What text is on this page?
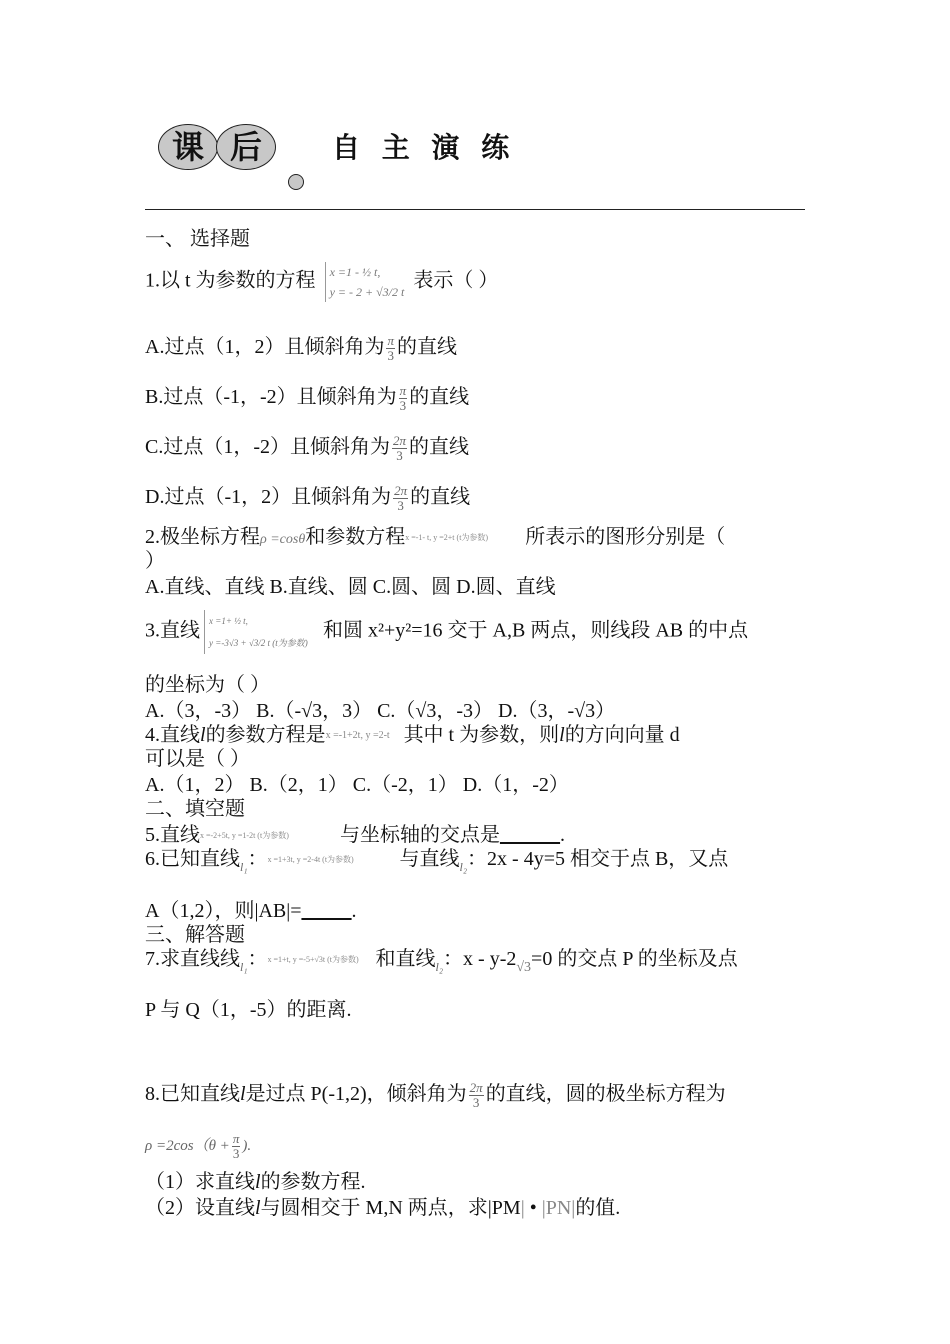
课 后	自 主 演 练
一、 选择题
1.以 t 为参数的方程 x =1 - ½ t,
y = - 2 + √3/2 t
表示（ ）
A.过点（1，2）且倾斜角为 $\frac{\pi}{3}$ 的直线
B.过点（-1，-2）且倾斜角为 $\frac{\pi}{3}$ 的直线
C.过点（1，-2）且倾斜角为 $\frac{2\pi}{3}$ 的直线
D.过点（-1，2）且倾斜角为 $\frac{2\pi}{3}$ 的直线
2.极坐标方程ρ =cosθ和参数方程x =-1- t, y =2+t (t为参数) 所表示的图形分别是（
）
A.直线、直线 B.直线、圆 C.圆、圆 D.圆、直线
3.直线 x =1+ ½ t,
y =-3√3 + √3/2 t (t为参数)
和圆 x²+y²=16 交于 A,B 两点，则线段 AB 的中点
的坐标为（ ）
A.（3，-3） B.（-√3，3） C.（√3，-3） D.（3，-√3）
4.直线l的参数方程是x =-1+2t, y =2-t 其中 t 为参数，则l的方向向量 d
可以是（ ）
A.（1，2） B.（2，1） C.（-2，1） D.（1，-2）
二、填空题
5.直线x =-2+5t, y =1-2t (t为参数)	与坐标轴的交点是______.
6.已知直线$_{l_1}$：x =1+3t, y =2-4t (t为参数) 与直线$_{l_2}$：2x - 4y=5 相交于点 B，又点
A（1,2），则|AB|=_____.
三、解答题
7.求直线线$_{l_1}$：x =1+t, y =-5+√3t (t为参数) 和直线$_{l_2}$：$x - y-2_{√3}=0$ 的交点 P 的坐标及点
P 与 Q（1，-5）的距离.
8.已知直线l是过点 P(-1,2)，倾斜角为 $\frac{2\pi}{3}$ 的直线，圆的极坐标方程为
$\rho =2\cos(\theta + \frac{\pi}{3}$ ).
（1）求直线l的参数方程.
（2）设直线l与圆相交于 M,N 两点，求|PM| • |PN|的值.
